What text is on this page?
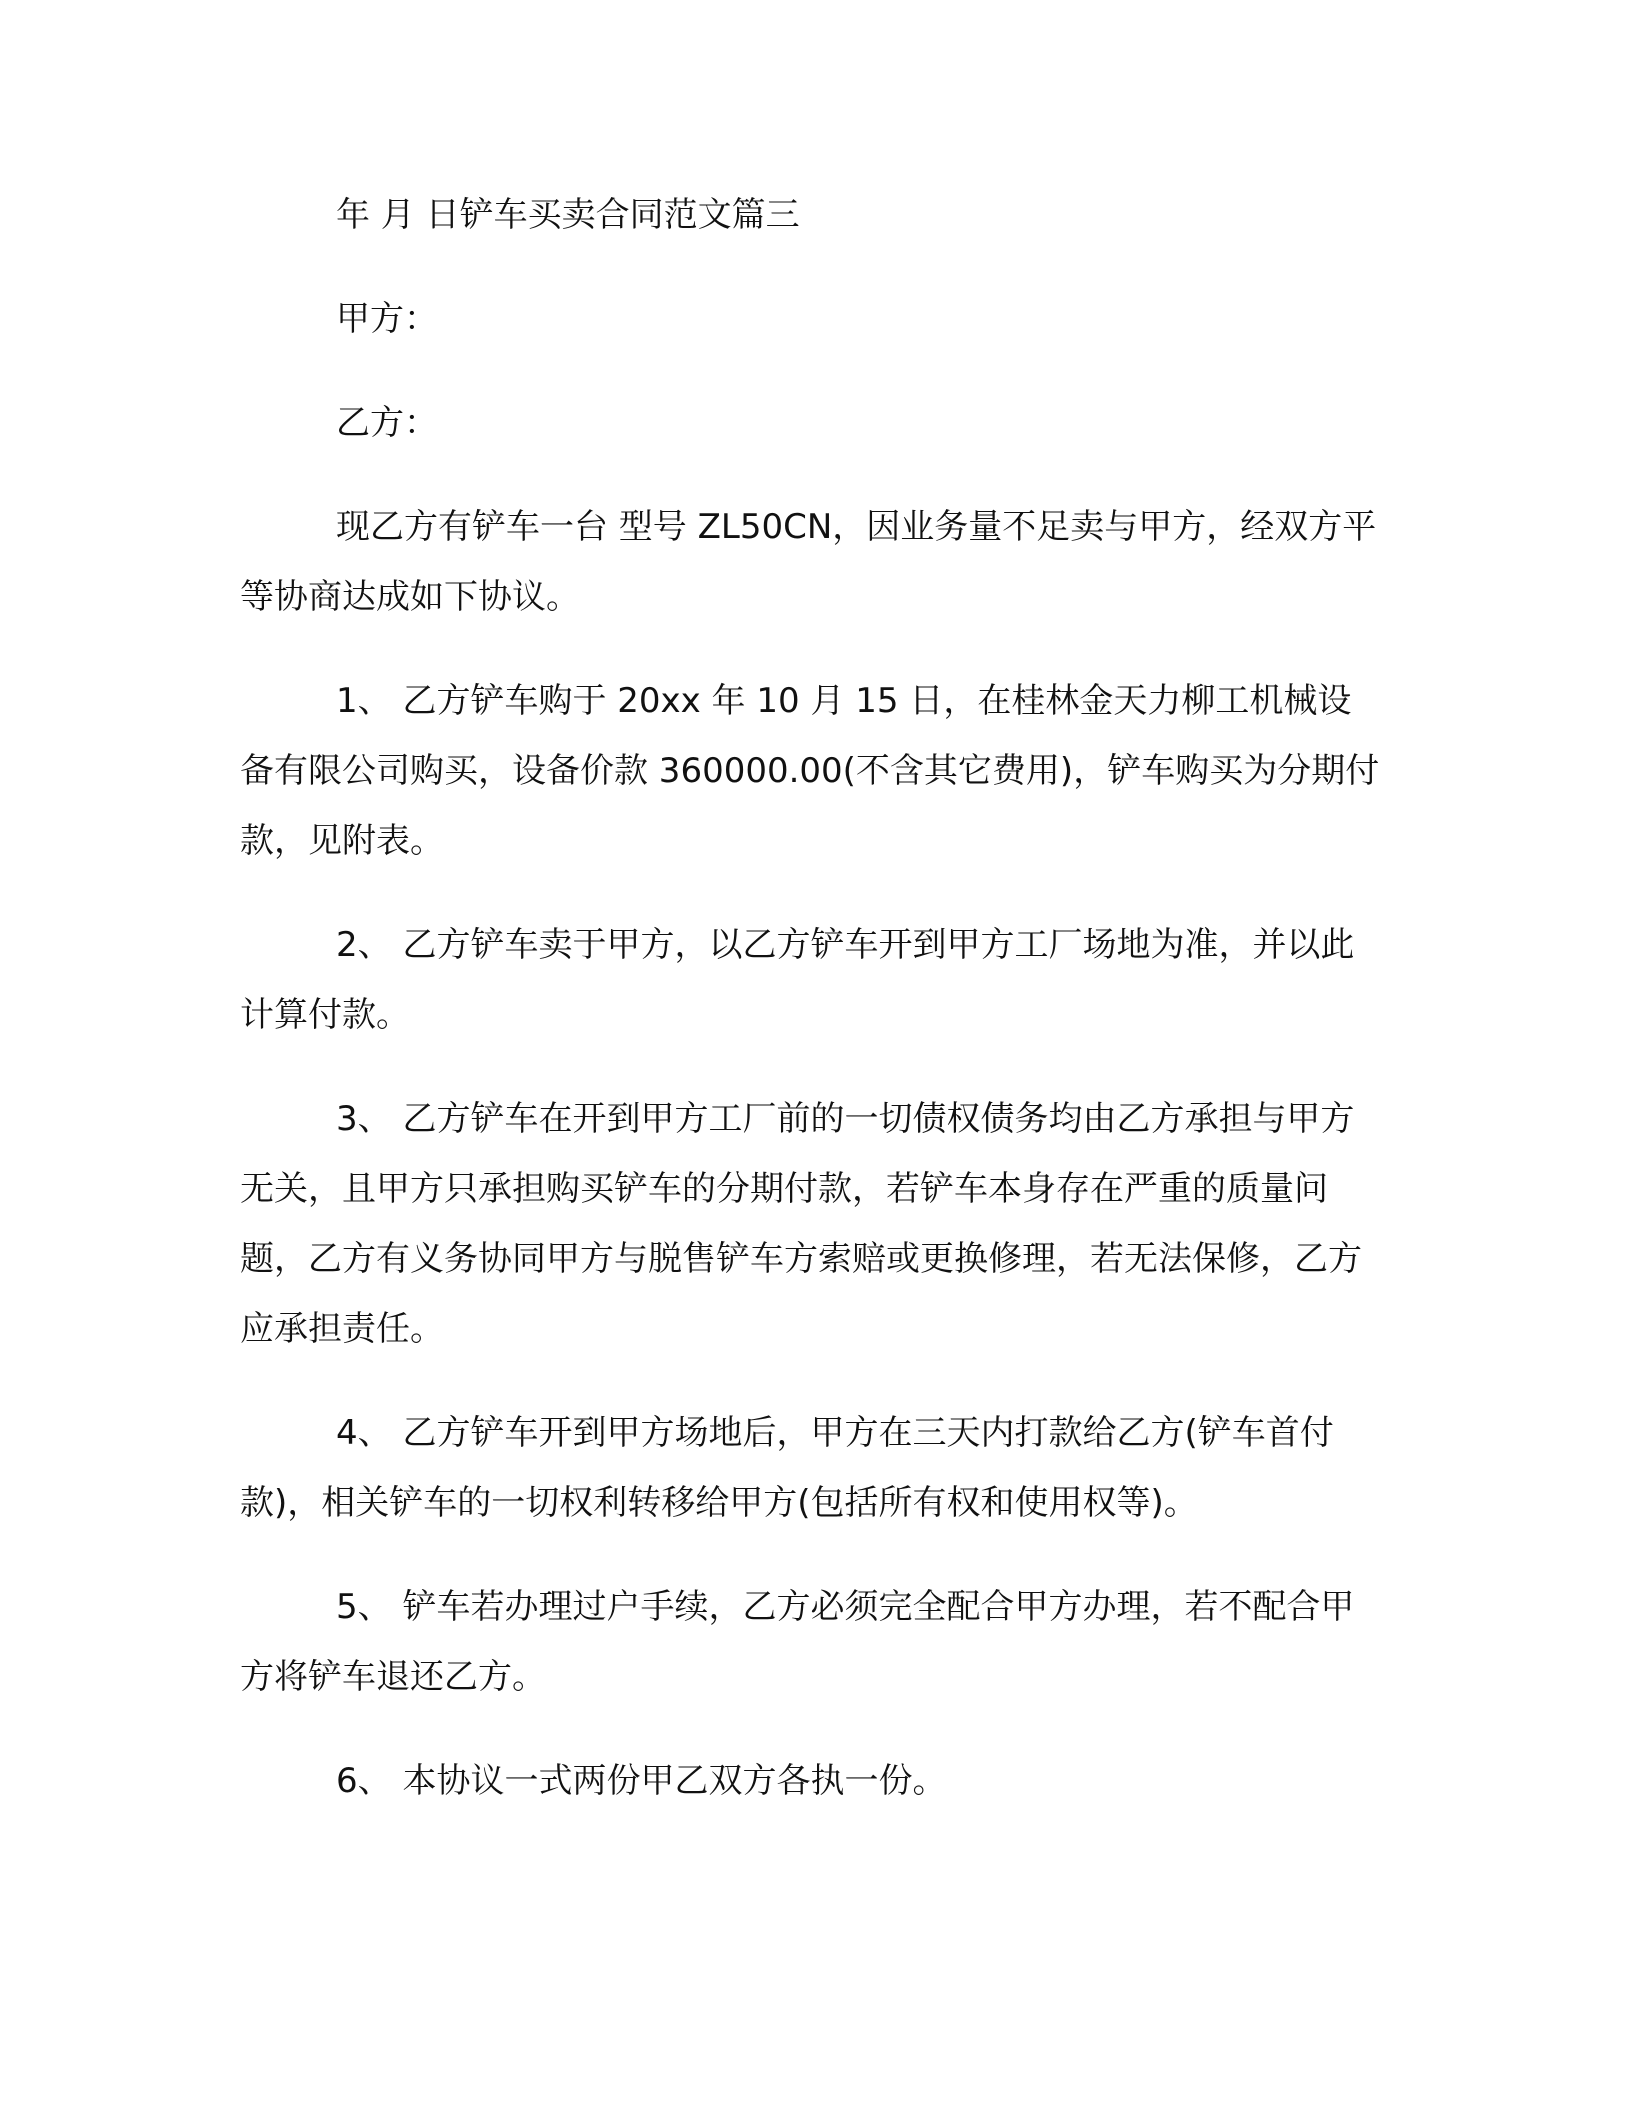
年 月 日铲车买卖合同范文篇三

甲方：

乙方：

现乙方有铲车一台 型号 ZL50CN，因业务量不足卖与甲方，经双方平等协商达成如下协议。

1、 乙方铲车购于 20xx 年 10 月 15 日，在桂林金天力柳工机械设备有限公司购买，设备价款 360000.00(不含其它费用)，铲车购买为分期付款，见附表。

2、 乙方铲车卖于甲方，以乙方铲车开到甲方工厂场地为准，并以此计算付款。

3、 乙方铲车在开到甲方工厂前的一切债权债务均由乙方承担与甲方无关，且甲方只承担购买铲车的分期付款，若铲车本身存在严重的质量问题，乙方有义务协同甲方与脱售铲车方索赔或更换修理，若无法保修，乙方应承担责任。

4、 乙方铲车开到甲方场地后，甲方在三天内打款给乙方(铲车首付款)，相关铲车的一切权利转移给甲方(包括所有权和使用权等)。

5、 铲车若办理过户手续，乙方必须完全配合甲方办理，若不配合甲方将铲车退还乙方。

6、 本协议一式两份甲乙双方各执一份。
